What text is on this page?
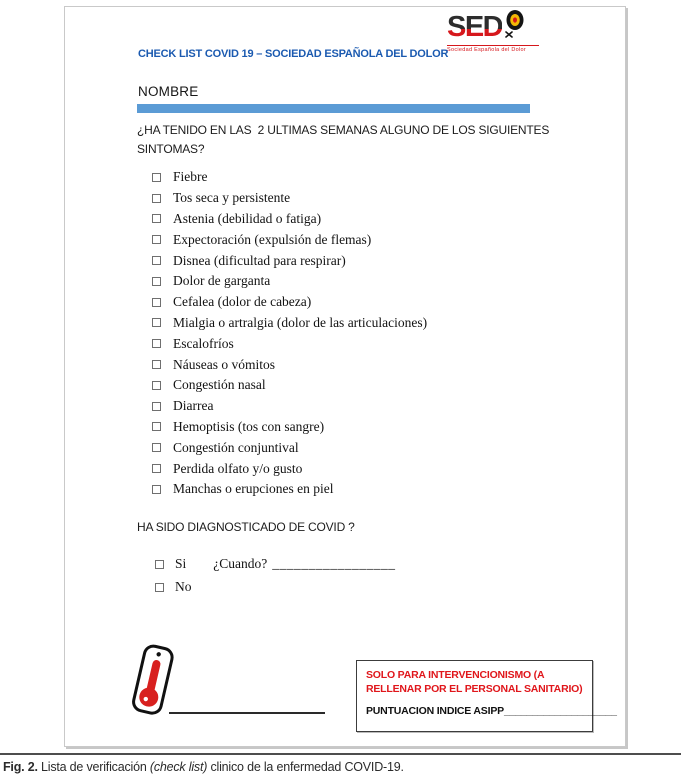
SED
Sociedad Española del Dolor
CHECK LIST COVID 19 – SOCIEDAD ESPAÑOLA DEL DOLOR
NOMBRE
¿HA TENIDO EN LAS  2 ULTIMAS SEMANAS ALGUNO DE LOS SIGUIENTES SINTOMAS?
Fiebre
Tos seca y persistente
Astenia (debilidad o fatiga)
Expectoración (expulsión de flemas)
Disnea (dificultad para respirar)
Dolor de garganta
Cefalea (dolor de cabeza)
Mialgia o artralgia (dolor de las articulaciones)
Escalofríos
Náuseas o vómitos
Congestión nasal
Diarrea
Hemoptisis (tos con sangre)
Congestión conjuntival
Perdida olfato y/o gusto
Manchas o erupciones en piel
HA SIDO DIAGNOSTICADO DE COVID ?
Si ¿Cuando? _________________
No
SOLO PARA INTERVENCIONISMO (A RELLENAR POR EL PERSONAL SANITARIO)
PUNTUACION INDICE ASIPP____________________
Fig. 2. Lista de verificación (check list) clinico de la enfermedad COVID-19.
